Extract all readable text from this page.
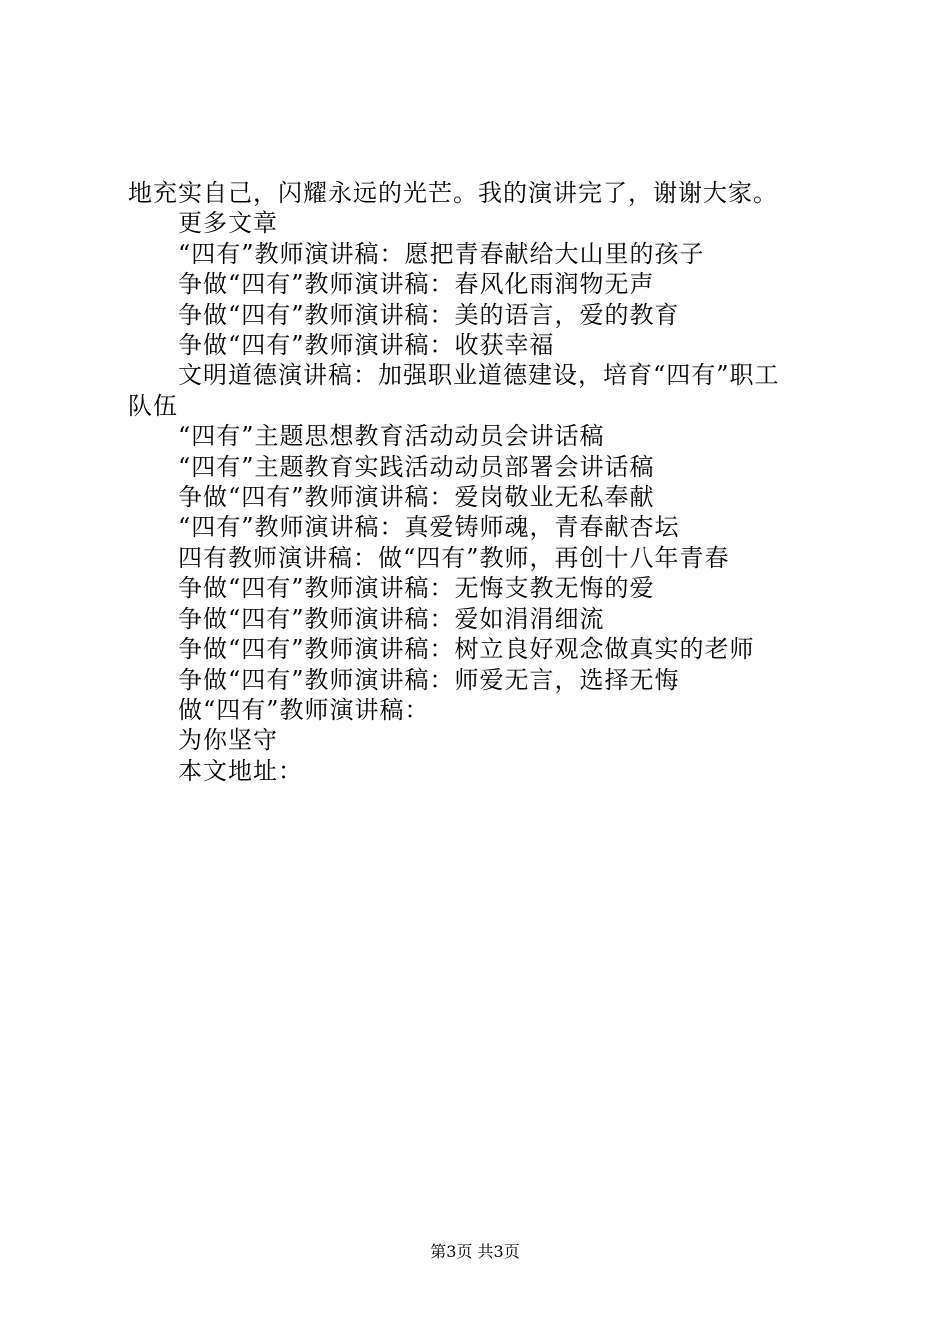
地充实自己，闪耀永远的光芒。我的演讲完了，谢谢大家。

更多文章

“四有”教师演讲稿：愿把青春献给大山里的孩子

争做“四有”教师演讲稿：春风化雨润物无声

争做“四有”教师演讲稿：美的语言，爱的教育

争做“四有”教师演讲稿：收获幸福

文明道德演讲稿：加强职业道德建设，培育“四有”职工

队伍

“四有”主题思想教育活动动员会讲话稿

“四有”主题教育实践活动动员部署会讲话稿

争做“四有”教师演讲稿：爱岗敬业无私奉献

“四有”教师演讲稿：真爱铸师魂，青春献杏坛

四有教师演讲稿：做“四有”教师，再创十八年青春

争做“四有”教师演讲稿：无悔支教无悔的爱

争做“四有”教师演讲稿：爱如涓涓细流

争做“四有”教师演讲稿：树立良好观念做真实的老师

争做“四有”教师演讲稿：师爱无言，选择无悔

做“四有”教师演讲稿：

为你坚守

本文地址：

第3页 共3页
